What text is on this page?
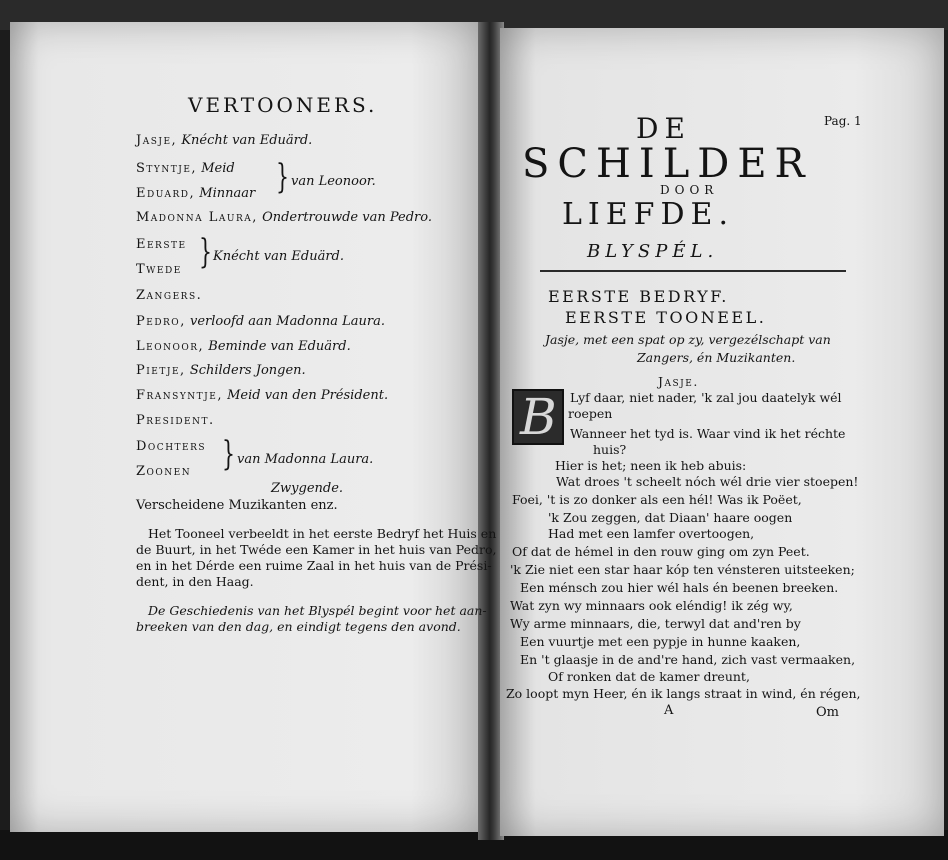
VERTOONERS.
Jasje, Knécht van Eduärd.
Styntje, Meid
Eduard, Minnaar } van Leonoor.
Madonna Laura, Ondertrouwde van Pedro.
Eerste
Twede } Knécht van Eduärd.
Zangers.
Pedro, verloofd aan Madonna Laura.
Leonoor, Beminde van Eduärd.
Pietje, Schilders Jongen.
Fransyntje, Meid van den Président.
President.
Dochters
Zoonen } van Madonna Laura.
Zwygende.
Verscheidene Muzikanten enz.
Het Tooneel verbeeldt in het eerste Bedryf het Huis en
de Buurt, in het Twéde een Kamer in het huis van Pedro,
en in het Dérde een ruime Zaal in het huis van de Prési-
dent, in den Haag.
De Geschiedenis van het Blyspél begint voor het aan-
breeken van den dag, en eindigt tegens den avond.
Pag. 1
DE
SCHILDER
DOOR
LIEFDE.
BLYSPÉL.
EERSTE BEDRYF.
EERSTE TOONEEL.
Jasje, met een spat op zy, vergezélschapt van
Zangers, én Muzikanten.
Jasje.
B Lyf daar, niet nader, 'k zal jou daatelyk wél
roepen
Wanneer het tyd is. Waar vind ik het réchte
huis?
Hier is het; neen ik heb abuis:
Wat droes 't scheelt nóch wél drie vier stoepen!
Foei, 't is zo donker als een hél! Was ik Poëet,
'k Zou zeggen, dat Diaan' haare oogen
Had met een lamfer overtoogen,
Of dat de hémel in den rouw ging om zyn Peet.
'k Zie niet een star haar kóp ten vénsteren uitsteeken;
Een ménsch zou hier wél hals én beenen breeken.
Wat zyn wy minnaars ook eléndig! ik zég wy,
Wy arme minnaars, die, terwyl dat and'ren by
Een vuurtje met een pypje in hunne kaaken,
En 't glaasje in de and're hand, zich vast vermaaken,
Of ronken dat de kamer dreunt,
Zo loopt myn Heer, én ik langs straat in wind, én régen,
A	Om
